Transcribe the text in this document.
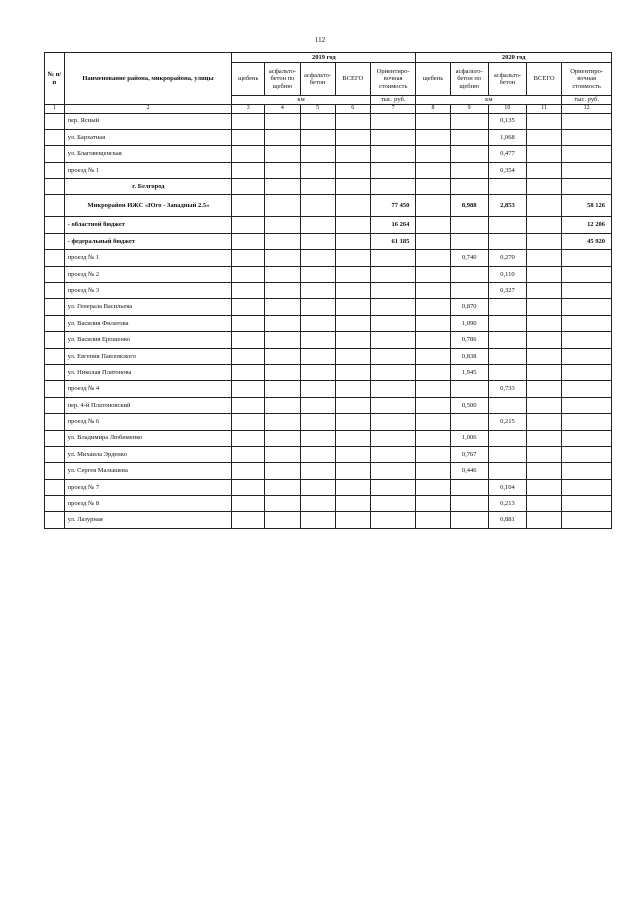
112
№ п/п	Наименование района, микрорайона, улицы	2019 год					2020 год				
		щебень	асфальто-бетон по щебню	асфальто-бетон	ВСЕГО	Ориентиро-вочная стоимость	щебень	асфальто-бетон по щебню	асфальто-бетон	ВСЕГО	Ориентиро-вочная стоимость
		км				тыс. руб.	км				тыс. руб.
1	2	3	4	5	6	7	8	9	10	11	12
	пер. Ясный								0,135		
	ул. Бархатная								1,068		
	ул. Благовещенская								0,477		
	проезд № 1								0,354		
	г. Белгород										
	Микрорайон ИЖС «Юго - Западный 2.5»					77 450		8,988	2,853		58 126
	- областной бюджет					16 264					12 206
	- федеральный бюджет					61 185					45 920
	проезд № 1							0,740	0,270		
	проезд № 2								0,110		
	проезд № 3								0,327		
	ул. Генерала Васильева							0,870			
	ул. Василия Филатова							1,090			
	ул. Василия Ерошенко							0,786			
	ул. Евгения Павловского							0,838			
	ул. Николая Платонова							1,945			
	проезд № 4								0,733		
	пер. 4-й Платоновский							0,500			
	проезд № 6								0,215		
	ул. Владимира Любименко							1,006			
	ул. Михаила Эрденко							0,767			
	ул. Сергея Малышева							0,446			
	проезд № 7								0,104		
	проезд № 8								0,213		
	ул. Лазурная								0,881		
